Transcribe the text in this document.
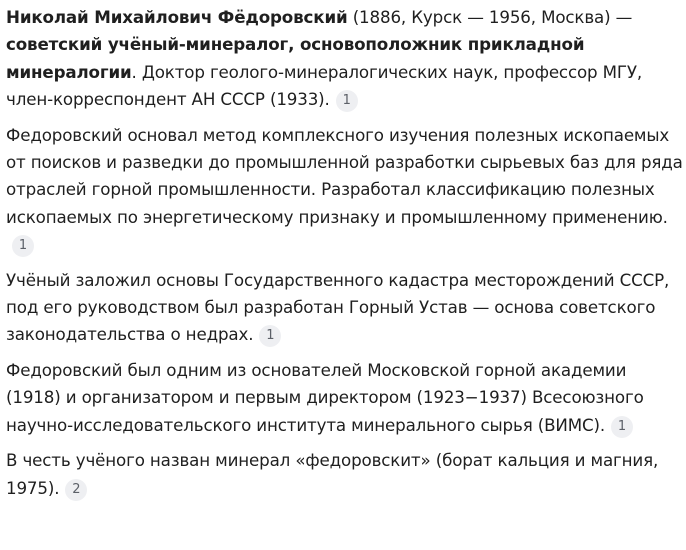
Николай Михайлович Фёдоровский (1886, Курск — 1956, Москва) — советский учёный-минералог, основоположник прикладной минералогии. Доктор геолого-минералогических наук, профессор МГУ, член-корреспондент АН СССР (1933). 1

Федоровский основал метод комплексного изучения полезных ископаемых от поисков и разведки до промышленной разработки сырьевых баз для ряда отраслей горной промышленности. Разработал классификацию полезных ископаемых по энергетическому признаку и промышленному применению.1

Учёный заложил основы Государственного кадастра месторождений СССР, под его руководством был разработан Горный Устав — основа советского законодательства о недрах. 1

Федоровский был одним из основателей Московской горной академии (1918) и организатором и первым директором (1923−1937) Всесоюзного научно-исследовательского института минерального сырья (ВИМС). 1

В честь учёного назван минерал «федоровскит» (борат кальция и магния, 1975). 2
